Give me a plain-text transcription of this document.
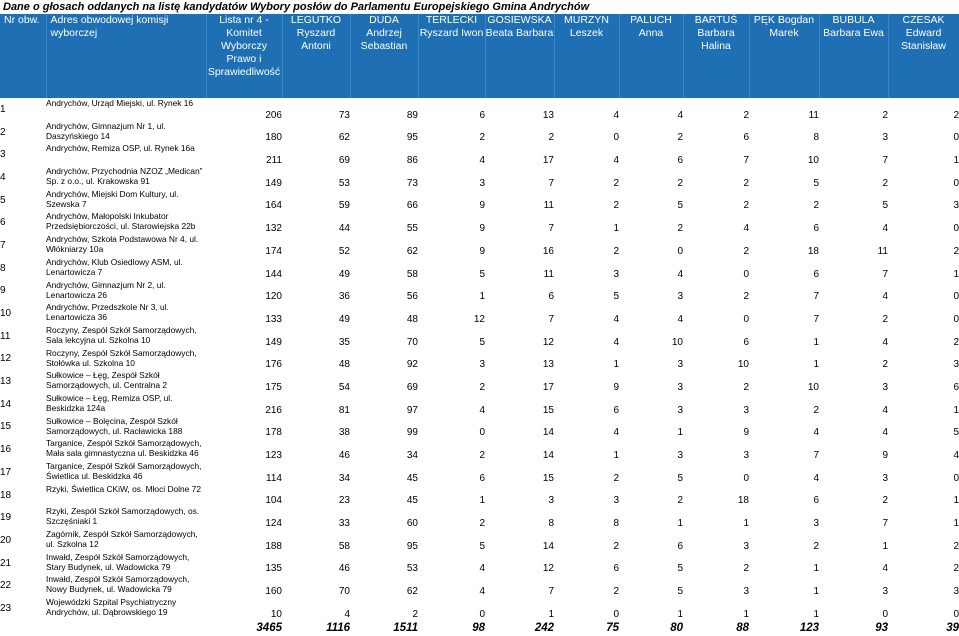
Dane o głosach oddanych na listę kandydatów Wybory posłów do Parlamentu Europejskiego Gmina Andrychów
Nr obw.	Adres obwodowej komisji wyborczej	Lista nr 4 - Komitet Wyborczy Prawo i Sprawiedliwość	LEGUTKO Ryszard Antoni	DUDA Andrzej Sebastian	TERLECKI Ryszard Iwon	GOSIEWSKA Beata Barbara	MURZYN Leszek	PALUCH Anna	BARTUŚ Barbara Halina	PĘK Bogdan Marek	BUBULA Barbara Ewa	CZESAK Edward Stanisław
1	Andrychów, Urząd Miejski, ul. Rynek 16	206	73	89	6	13	4	4	2	11	2	2
2	Andrychów, Gimnazjum Nr 1, ul. Daszyńskiego 14	180	62	95	2	2	0	2	6	8	3	0
3	Andrychów, Remiza OSP, ul. Rynek 16a	211	69	86	4	17	4	6	7	10	7	1
4	Andrychów, Przychodnia NZOZ „Medican” Sp. z o.o., ul. Krakowska 91	149	53	73	3	7	2	2	2	5	2	0
5	Andrychów, Miejski Dom Kultury, ul. Szewska 7	164	59	66	9	11	2	5	2	2	5	3
6	Andrychów, Małopolski Inkubator Przedsiębiorczości, ul. Starowiejska 22b	132	44	55	9	7	1	2	4	6	4	0
7	Andrychów, Szkoła Podstawowa Nr 4, ul. Włókniarzy 10a	174	52	62	9	16	2	0	2	18	11	2
8	Andrychów, Klub Osiedlowy ASM, ul. Lenartowicza 7	144	49	58	5	11	3	4	0	6	7	1
9	Andrychów, Gimnazjum Nr 2, ul. Lenartowicza 26	120	36	56	1	6	5	3	2	7	4	0
10	Andrychów, Przedszkole Nr 3, ul. Lenartowicza 36	133	49	48	12	7	4	4	0	7	2	0
11	Roczyny, Zespół Szkół Samorządowych, Sala lekcyjna ul. Szkolna 10	149	35	70	5	12	4	10	6	1	4	2
12	Roczyny, Zespół Szkół Samorządowych, Stołówka ul. Szkolna 10	176	48	92	3	13	1	3	10	1	2	3
13	Sułkowice – Łęg, Zespół Szkół Samorządowych, ul. Centralna 2	175	54	69	2	17	9	3	2	10	3	6
14	Sułkowice – Łęg, Remiza OSP, ul. Beskidzka 124a	216	81	97	4	15	6	3	3	2	4	1
15	Sułkowice – Bolęcina, Zespół Szkół Samorządowych, ul. Racławicka 188	178	38	99	0	14	4	1	9	4	4	5
16	Targanice, Zespół Szkół Samorządowych, Mała sala gimnastyczna ul. Beskidzka 46	123	46	34	2	14	1	3	3	7	9	4
17	Targanice, Zespół Szkół Samorządowych, Świetlica ul. Beskidzka 46	114	34	45	6	15	2	5	0	4	3	0
18	Rzyki, Świetlica CKiW, os. Młoci Dolne 72	104	23	45	1	3	3	2	18	6	2	1
19	Rzyki, Zespół Szkół Samorządowych, os. Szczęśniaki 1	124	33	60	2	8	8	1	1	3	7	1
20	Zagórnik, Zespół Szkół Samorządowych, ul. Szkolna 12	188	58	95	5	14	2	6	3	2	1	2
21	Inwałd, Zespół Szkół Samorządowych, Stary Budynek, ul. Wadowicka 79	135	46	53	4	12	6	5	2	1	4	2
22	Inwałd, Zespół Szkół Samorządowych, Nowy Budynek, ul. Wadowicka 79	160	70	62	4	7	2	5	3	1	3	3
23	Wojewódzki Szpital Psychiatryczny Andrychów, ul. Dąbrowskiego 19	10	4	2	0	1	0	1	1	1	0	0
		3465	1116	1511	98	242	75	80	88	123	93	39
